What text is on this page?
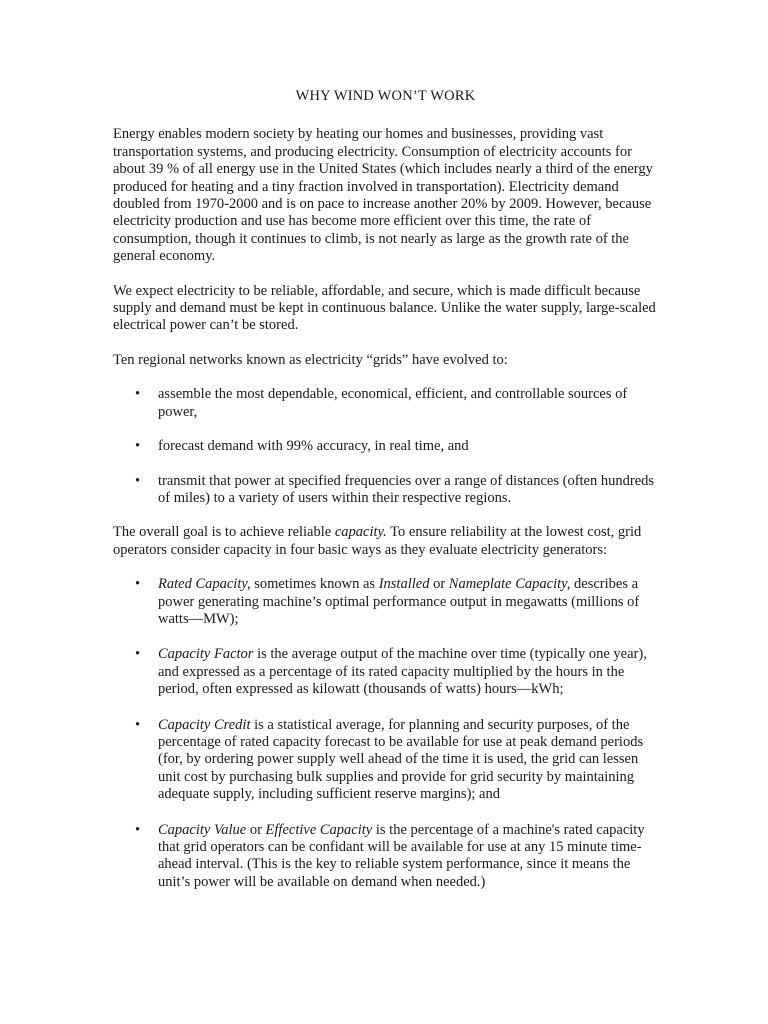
WHY WIND WON’T WORK

Energy enables modern society by heating our homes and businesses, providing vast transportation systems, and producing electricity. Consumption of electricity accounts for about 39 % of all energy use in the United States (which includes nearly a third of the energy produced for heating and a tiny fraction involved in transportation). Electricity demand doubled from 1970-2000 and is on pace to increase another 20% by 2009. However, because electricity production and use has become more efficient over this time, the rate of consumption, though it continues to climb, is not nearly as large as the growth rate of the general economy.

We expect electricity to be reliable, affordable, and secure, which is made difficult because supply and demand must be kept in continuous balance. Unlike the water supply, large-scaled electrical power can’t be stored.

Ten regional networks known as electricity “grids” have evolved to:

• assemble the most dependable, economical, efficient, and controllable sources of power,
• forecast demand with 99% accuracy, in real time, and
• transmit that power at specified frequencies over a range of distances (often hundreds of miles) to a variety of users within their respective regions.

The overall goal is to achieve reliable capacity. To ensure reliability at the lowest cost, grid operators consider capacity in four basic ways as they evaluate electricity generators:

• Rated Capacity, sometimes known as Installed or Nameplate Capacity, describes a power generating machine’s optimal performance output in megawatts (millions of watts—MW);
• Capacity Factor is the average output of the machine over time (typically one year), and expressed as a percentage of its rated capacity multiplied by the hours in the period, often expressed as kilowatt (thousands of watts) hours—kWh;
• Capacity Credit is a statistical average, for planning and security purposes, of the percentage of rated capacity forecast to be available for use at peak demand periods (for, by ordering power supply well ahead of the time it is used, the grid can lessen unit cost by purchasing bulk supplies and provide for grid security by maintaining adequate supply, including sufficient reserve margins); and
• Capacity Value or Effective Capacity is the percentage of a machine's rated capacity that grid operators can be confidant will be available for use at any 15 minute time-ahead interval. (This is the key to reliable system performance, since it means the unit’s power will be available on demand when needed.)
